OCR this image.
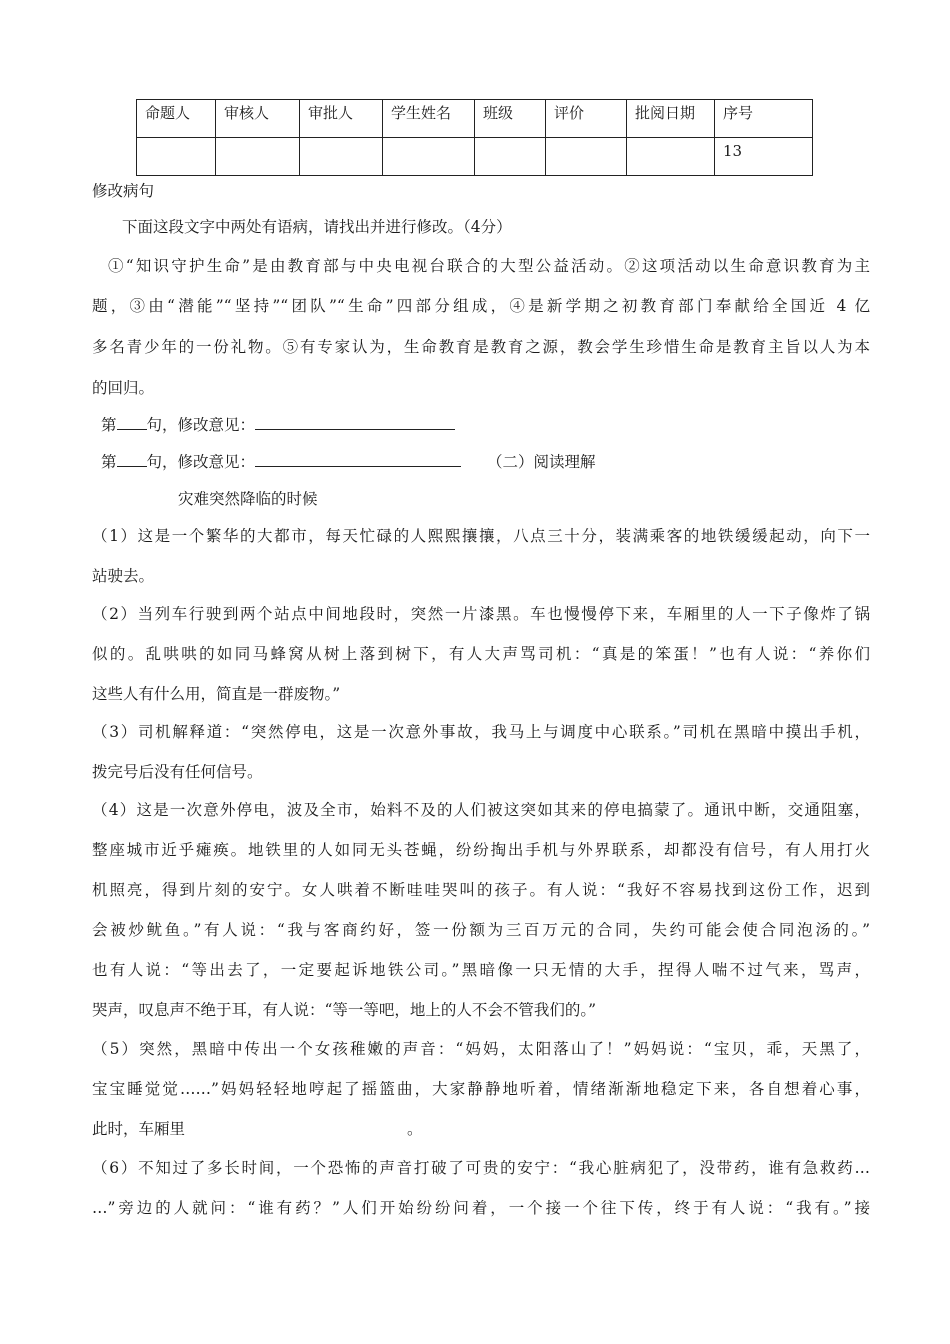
命题人	审核人	审批人	学生姓名	班级	评价	批阅日期	序号
							13
修改病句
下面这段文字中两处有语病，请找出并进行修改。（4分）
①“知识守护生命”是由教育部与中央电视台联合的大型公益活动。②这项活动以生命意识教育为主
题，③由“潜能”“坚持”“团队”“生命”四部分组成，④是新学期之初教育部门奉献给全国近 4 亿
多名青少年的一份礼物。⑤有专家认为，生命教育是教育之源，教会学生珍惜生命是教育主旨以人为本
的回归。
第 句，修改意见：
第 句，修改意见：	（二）阅读理解
灾难突然降临的时候
（1）这是一个繁华的大都市，每天忙碌的人熙熙攘攘，八点三十分，装满乘客的地铁缓缓起动，向下一
站驶去。
（2）当列车行驶到两个站点中间地段时，突然一片漆黑。车也慢慢停下来，车厢里的人一下子像炸了锅
似的。乱哄哄的如同马蜂窝从树上落到树下，有人大声骂司机：“真是的笨蛋！”也有人说：“养你们
这些人有什么用，简直是一群废物。”
（3）司机解释道：“突然停电，这是一次意外事故，我马上与调度中心联系。”司机在黑暗中摸出手机，
拨完号后没有任何信号。
（4）这是一次意外停电，波及全市，始料不及的人们被这突如其来的停电搞蒙了。通讯中断，交通阻塞，
整座城市近乎瘫痪。地铁里的人如同无头苍蝇，纷纷掏出手机与外界联系，却都没有信号，有人用打火
机照亮，得到片刻的安宁。女人哄着不断哇哇哭叫的孩子。有人说：“我好不容易找到这份工作，迟到
会被炒鱿鱼。”有人说：“我与客商约好，签一份额为三百万元的合同，失约可能会使合同泡汤的。”
也有人说：“等出去了，一定要起诉地铁公司。”黑暗像一只无情的大手，捏得人喘不过气来，骂声，
哭声，叹息声不绝于耳，有人说：“等一等吧，地上的人不会不管我们的。”
（5）突然，黑暗中传出一个女孩稚嫩的声音：“妈妈，太阳落山了！”妈妈说：“宝贝，乖，天黑了，
宝宝睡觉觉……”妈妈轻轻地哼起了摇篮曲，大家静静地听着，情绪渐渐地稳定下来，各自想着心事，
此时，车厢里	。
（6）不知过了多长时间，一个恐怖的声音打破了可贵的安宁：“我心脏病犯了，没带药，谁有急救药…
…”旁边的人就问：“谁有药？”人们开始纷纷问着，一个接一个往下传，终于有人说：“我有。”接
